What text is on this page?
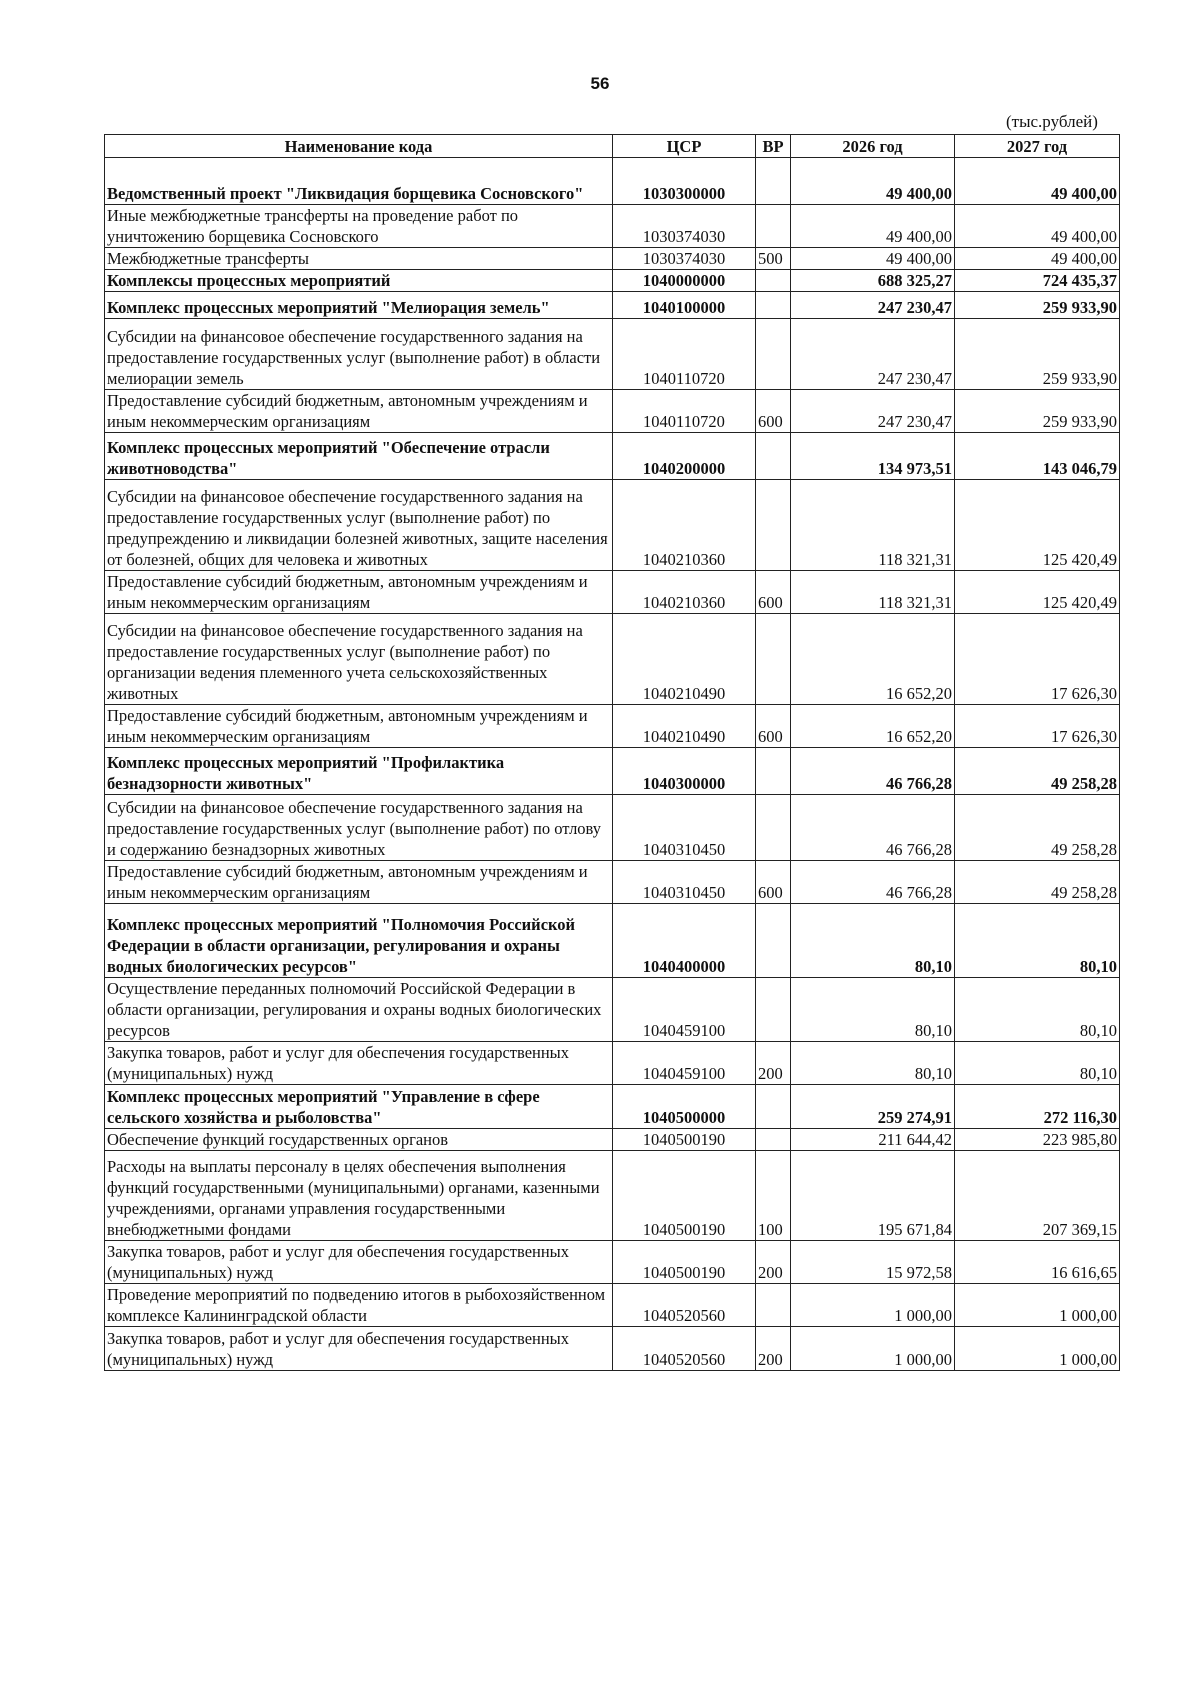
56
(тыс.рублей)
Наименование кода	ЦСР	ВР	2026 год	2027 год
Ведомственный проект "Ликвидация борщевика Сосновского"	1030300000		49 400,00	49 400,00
Иные межбюджетные трансферты на проведение работ по уничтожению борщевика Сосновского	1030374030		49 400,00	49 400,00
Межбюджетные трансферты	1030374030	500	49 400,00	49 400,00
Комплексы процессных мероприятий	1040000000		688 325,27	724 435,37
Комплекс процессных мероприятий "Мелиорация земель"	1040100000		247 230,47	259 933,90
Субсидии на финансовое обеспечение государственного задания на предоставление государственных услуг (выполнение работ) в области мелиорации земель	1040110720		247 230,47	259 933,90
Предоставление субсидий бюджетным, автономным учреждениям и иным некоммерческим организациям	1040110720	600	247 230,47	259 933,90
Комплекс процессных мероприятий "Обеспечение отрасли животноводства"	1040200000		134 973,51	143 046,79
Субсидии на финансовое обеспечение государственного задания на предоставление государственных услуг (выполнение работ) по предупреждению и ликвидации болезней животных, защите населения от болезней, общих для человека и животных	1040210360		118 321,31	125 420,49
Предоставление субсидий бюджетным, автономным учреждениям и иным некоммерческим организациям	1040210360	600	118 321,31	125 420,49
Субсидии на финансовое обеспечение государственного задания на предоставление государственных услуг (выполнение работ) по организации ведения племенного учета сельскохозяйственных животных	1040210490		16 652,20	17 626,30
Предоставление субсидий бюджетным, автономным учреждениям и иным некоммерческим организациям	1040210490	600	16 652,20	17 626,30
Комплекс процессных мероприятий "Профилактика безнадзорности животных"	1040300000		46 766,28	49 258,28
Субсидии на финансовое обеспечение государственного задания на предоставление государственных услуг (выполнение работ) по отлову и содержанию безнадзорных животных	1040310450		46 766,28	49 258,28
Предоставление субсидий бюджетным, автономным учреждениям и иным некоммерческим организациям	1040310450	600	46 766,28	49 258,28
Комплекс процессных мероприятий "Полномочия Российской Федерации в области организации, регулирования и охраны водных биологических ресурсов"	1040400000		80,10	80,10
Осуществление переданных полномочий Российской Федерации в области организации, регулирования и охраны водных биологических ресурсов	1040459100		80,10	80,10
Закупка товаров, работ и услуг для обеспечения государственных (муниципальных) нужд	1040459100	200	80,10	80,10
Комплекс процессных мероприятий "Управление в сфере сельского хозяйства и рыболовства"	1040500000		259 274,91	272 116,30
Обеспечение функций государственных органов	1040500190		211 644,42	223 985,80
Расходы на выплаты персоналу в целях обеспечения выполнения функций государственными (муниципальными) органами, казенными учреждениями, органами управления государственными внебюджетными фондами	1040500190	100	195 671,84	207 369,15
Закупка товаров, работ и услуг для обеспечения государственных (муниципальных) нужд	1040500190	200	15 972,58	16 616,65
Проведение мероприятий по подведению итогов в рыбохозяйственном комплексе Калининградской области	1040520560		1 000,00	1 000,00
Закупка товаров, работ и услуг для обеспечения государственных (муниципальных) нужд	1040520560	200	1 000,00	1 000,00
